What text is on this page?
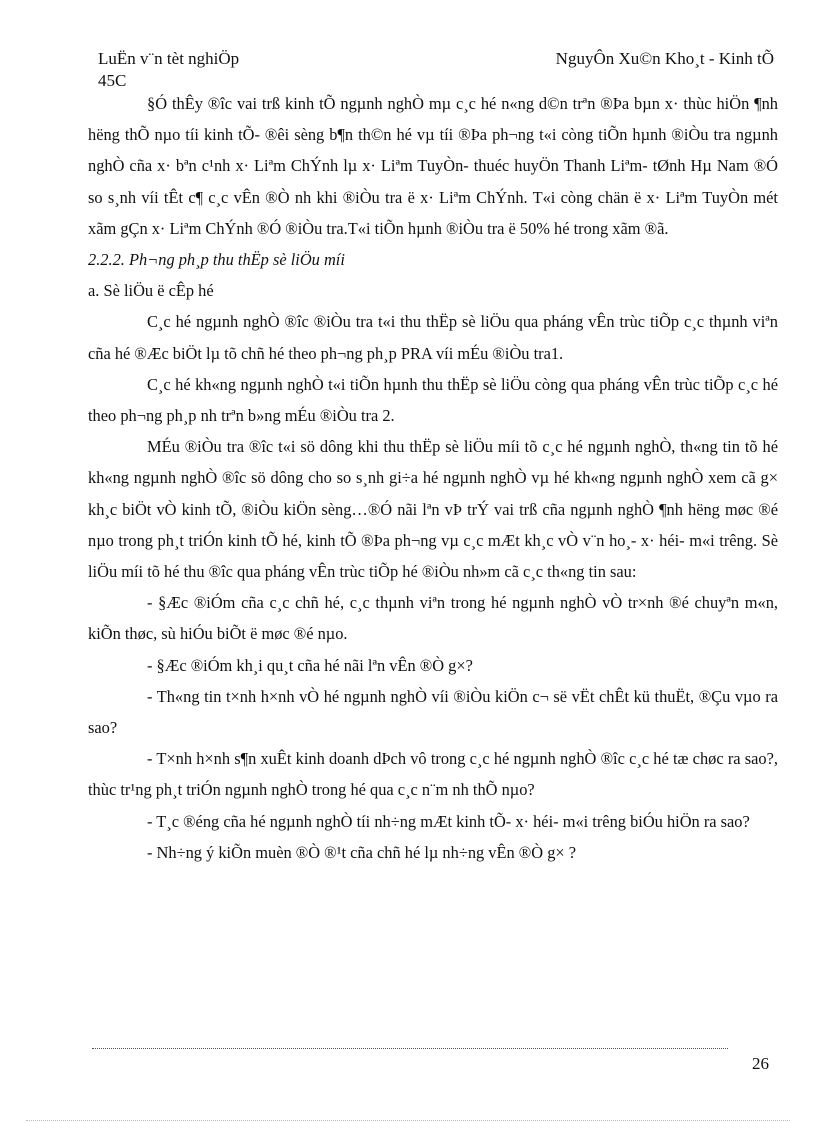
LuËn v¨n tèt nghiÖp	NguyÔn Xu©n Kho¸t - Kinh tÕ
45C

§Ó thÊy ®îc vai trß kinh tÕ ngµnh nghÒ mµ c¸c hé n«ng d©n trªn ®Þa bµn x· thùc hiÖn ¶nh hëng thÕ nµo tíi kinh tÕ- ®êi sèng b¶n th©n hé vµ tíi ®Þa ph¬ng t«i còng tiÕn hµnh ®iÒu tra ngµnh nghÒ cña x· bªn c¹nh x· Liªm ChÝnh lµ x· Liªm TuyÒn- thuéc huyÖn Thanh Liªm- tØnh Hµ Nam ®Ó so s¸nh víi tÊt c¶ c¸c vÊn ®Ò nh khi ®iÒu tra ë x· Liªm ChÝnh. T«i còng chän ë x· Liªm TuyÒn mét xãm gÇn x· Liªm ChÝnh ®Ó ®iÒu tra.T«i tiÕn hµnh ®iÒu tra ë 50% hé trong xãm ®ã.

2.2.2. Ph¬ng ph¸p thu thËp sè liÖu míi

a. Sè liÖu ë cÊp hé

C¸c hé ngµnh nghÒ ®îc ®iÒu tra t«i thu thËp sè liÖu qua pháng vÊn trùc tiÕp c¸c thµnh viªn cña hé ®Æc biÖt lµ tõ chñ hé theo ph¬ng ph¸p PRA víi mÉu ®iÒu tra1.

C¸c hé kh«ng ngµnh nghÒ t«i tiÕn hµnh thu thËp sè liÖu còng qua pháng vÊn trùc tiÕp c¸c hé theo ph¬ng ph¸p nh trªn b»ng mÉu ®iÒu tra 2.

MÉu ®iÒu tra ®îc t«i sö dông khi thu thËp sè liÖu míi tõ c¸c hé ngµnh nghÒ, th«ng tin tõ hé kh«ng ngµnh nghÒ ®îc sö dông cho so s¸nh gi÷a hé ngµnh nghÒ vµ hé kh«ng ngµnh nghÒ xem cã g× kh¸c biÖt vÒ kinh tÕ, ®iÒu kiÖn sèng…®Ó nãi lªn vÞ trÝ vai trß cña ngµnh nghÒ ¶nh hëng møc ®é nµo trong ph¸t triÓn kinh tÕ hé, kinh tÕ ®Þa ph¬ng vµ c¸c mÆt kh¸c vÒ v¨n ho¸- x· héi- m«i trêng. Sè liÖu míi tõ hé thu ®îc qua pháng vÊn trùc tiÕp hé ®iÒu nh»m cã c¸c th«ng tin sau:

- §Æc ®iÓm cña c¸c chñ hé, c¸c thµnh viªn trong hé ngµnh nghÒ vÒ tr×nh ®é chuyªn m«n, kiÕn thøc, sù hiÓu biÕt ë møc ®é nµo.

- §Æc ®iÓm kh¸i qu¸t cña hé nãi lªn vÊn ®Ò g×?

- Th«ng tin t×nh h×nh vÒ hé ngµnh nghÒ víi ®iÒu kiÖn c¬ së vËt chÊt kü thuËt, ®Çu vµo ra sao?

- T×nh h×nh s¶n xuÊt kinh doanh dÞch vô trong c¸c hé ngµnh nghÒ ®îc c¸c hé tæ chøc ra sao?, thùc tr¹ng ph¸t triÓn ngµnh nghÒ trong hé qua c¸c n¨m nh thÕ nµo?

- T¸c ®éng cña hé ngµnh nghÒ tíi nh÷ng mÆt kinh tÕ- x· héi- m«i trêng biÓu hiÖn ra sao?

- Nh÷ng ý kiÕn muèn ®Ò ®¹t cña chñ hé lµ nh÷ng vÊn ®Ò g× ?

26
